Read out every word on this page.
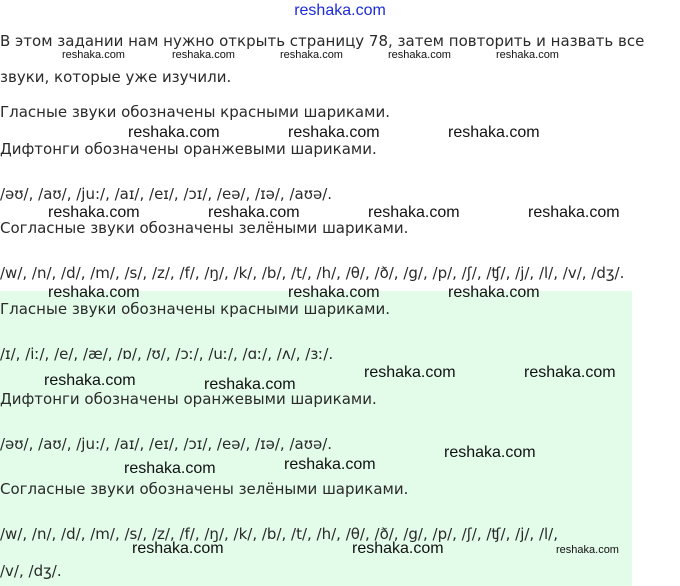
reshaka.com
В этом задании нам нужно открыть страницу 78, затем повторить и назвать все
звуки, которые уже изучили.
Гласные звуки обозначены красными шариками.
Дифтонги обозначены оранжевыми шариками.
/əʊ/, /aʊ/, /ju:/, /aɪ/, /eɪ/, /ɔɪ/, /eə/, /ɪə/, /aʊə/.
Согласные звуки обозначены зелёными шариками.
/w/, /n/, /d/, /m/, /s/, /z/, /f/, /ŋ/, /k/, /b/, /t/, /h/, /θ/, /ð/, /g/, /p/, /ʃ/, /ʧ/, /j/, /l/, /v/, /dʒ/.
Гласные звуки обозначены красными шариками.
/ɪ/, /iː/, /e/, /æ/, /ɒ/, /ʊ/, /ɔː/, /uː/, /ɑː/, /ʌ/, /ɜː/.
Дифтонги обозначены оранжевыми шариками.
/əʊ/, /aʊ/, /ju:/, /aɪ/, /eɪ/, /ɔɪ/, /eə/, /ɪə/, /aʊə/.
Согласные звуки обозначены зелёными шариками.
/w/, /n/, /d/, /m/, /s/, /z/, /f/, /ŋ/, /k/, /b/, /t/, /h/, /θ/, /ð/, /g/, /p/, /ʃ/, /ʧ/, /j/, /l/,
/v/, /dʒ/.
reshaka.com	reshaka.com	reshaka.com	reshaka.com	reshaka.com
reshaka.com	reshaka.com	reshaka.com
reshaka.com	reshaka.com	reshaka.com	reshaka.com
reshaka.com	reshaka.com	reshaka.com
reshaka.com	reshaka.com
reshaka.com	reshaka.com
reshaka.com	reshaka.com
reshaka.com
reshaka.com	reshaka.com	reshaka.com
